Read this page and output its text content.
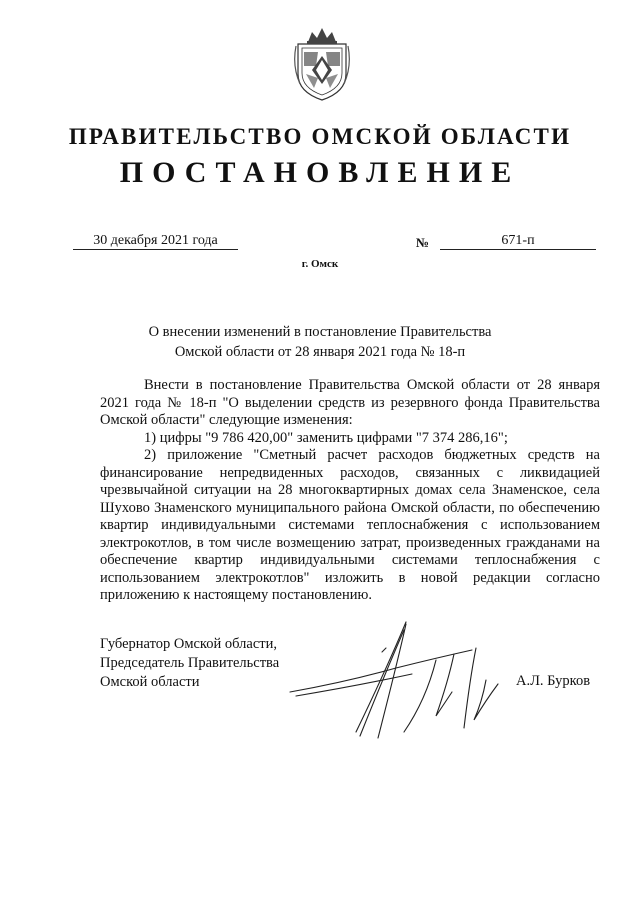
ПРАВИТЕЛЬСТВО ОМСКОЙ ОБЛАСТИ
ПОСТАНОВЛЕНИЕ
30 декабря 2021 года	№	671-п
г. Омск
О внесении изменений в постановление Правительства
Омской области от 28 января 2021 года № 18-п

Внести в постановление Правительства Омской области от 28 января 2021 года № 18-п "О выделении средств из резервного фонда Правительства Омской области" следующие изменения:

1) цифры "9 786 420,00" заменить цифрами "7 374 286,16";

2) приложение "Сметный расчет расходов бюджетных средств на финансирование непредвиденных расходов, связанных с ликвидацией чрезвычайной ситуации на 28 многоквартирных домах села Знаменское, села Шухово Знаменского муниципального района Омской области, по обеспечению квартир индивидуальными системами теплоснабжения с использованием электрокотлов, в том числе возмещению затрат, произведенных гражданами на обеспечение квартир индивидуальными системами теплоснабжения с использованием электрокотлов" изложить в новой редакции согласно приложению к настоящему постановлению.

Губернатор Омской области,
Председатель Правительства
Омской области	А.Л. Бурков
